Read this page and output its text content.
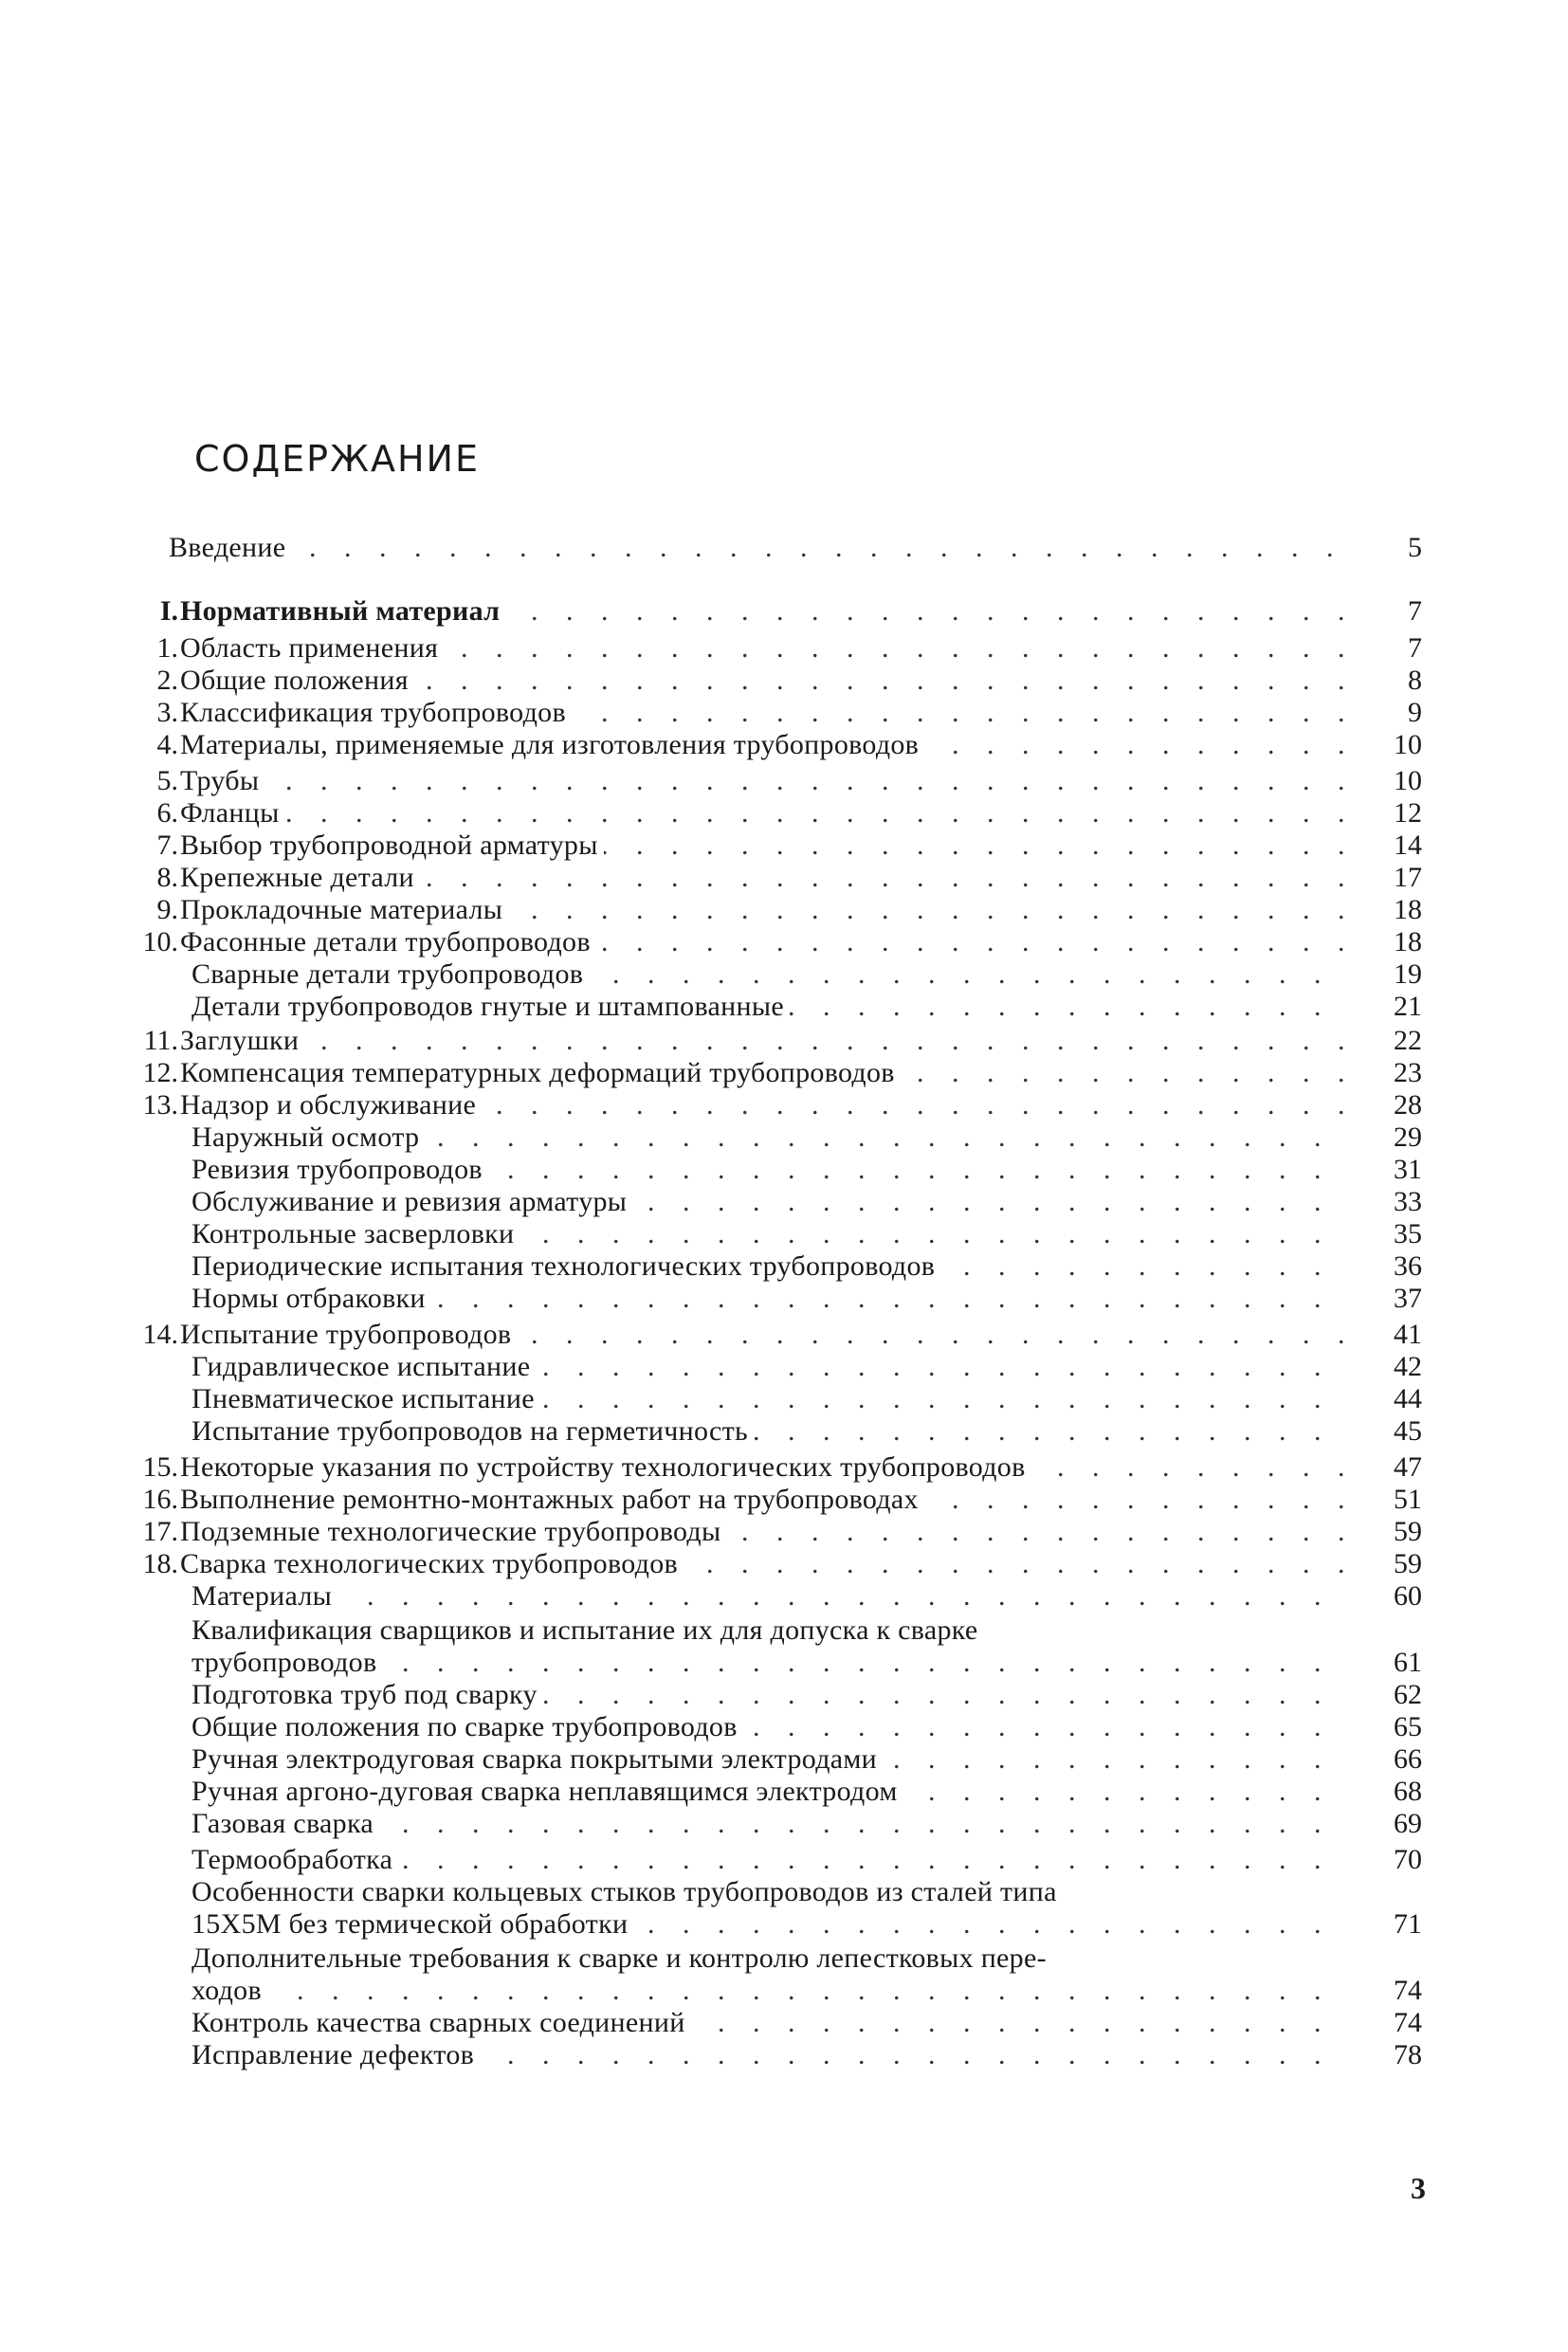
СОДЕРЖАНИЕ
Введение . . .	5
I. Нормативный материал . . .	7
1. Область применения . . .	7
2. Общие положения . . .	8
3. Классификация трубопроводов . . .	9
4. Материалы, применяемые для изготовления трубопроводов . . .	10
5. Трубы . . .	10
6. Фланцы . . .	12
7. Выбор трубопроводной арматуры . . .	14
8. Крепежные детали . . .	17
9. Прокладочные материалы . . .	18
10. Фасонные детали трубопроводов . . .	18
Сварные детали трубопроводов . . .	19
Детали трубопроводов гнутые и штампованные . . .	21
11. Заглушки . . .	22
12. Компенсация температурных деформаций трубопроводов . . .	23
13. Надзор и обслуживание . . .	28
Наружный осмотр . . .	29
Ревизия трубопроводов . . .	31
Обслуживание и ревизия арматуры . . .	33
Контрольные засверловки . . .	35
Периодические испытания технологических трубопроводов . . .	36
Нормы отбраковки . . .	37
14. Испытание трубопроводов . . .	41
Гидравлическое испытание . . .	42
Пневматическое испытание . . .	44
Испытание трубопроводов на герметичность . . .	45
15. Некоторые указания по устройству технологических трубопроводов . . .	47
16. Выполнение ремонтно-монтажных работ на трубопроводах . . .	51
17. Подземные технологические трубопроводы . . .	59
18. Сварка технологических трубопроводов . . .	59
Материалы . . .	60
Квалификация сварщиков и испытание их для допуска к сварке
трубопроводов . . .	61
Подготовка труб под сварку . . .	62
Общие положения по сварке трубопроводов . . .	65
Ручная электродуговая сварка покрытыми электродами . . .	66
Ручная аргоно-дуговая сварка неплавящимся электродом . . .	68
Газовая сварка . . .	69
Термообработка . . .	70
Особенности сварки кольцевых стыков трубопроводов из сталей типа
15Х5М без термической обработки . . .	71
Дополнительные требования к сварке и контролю лепестковых пере-
ходов . . .	74
Контроль качества сварных соединений . . .	74
Исправление дефектов . . .	78
3
